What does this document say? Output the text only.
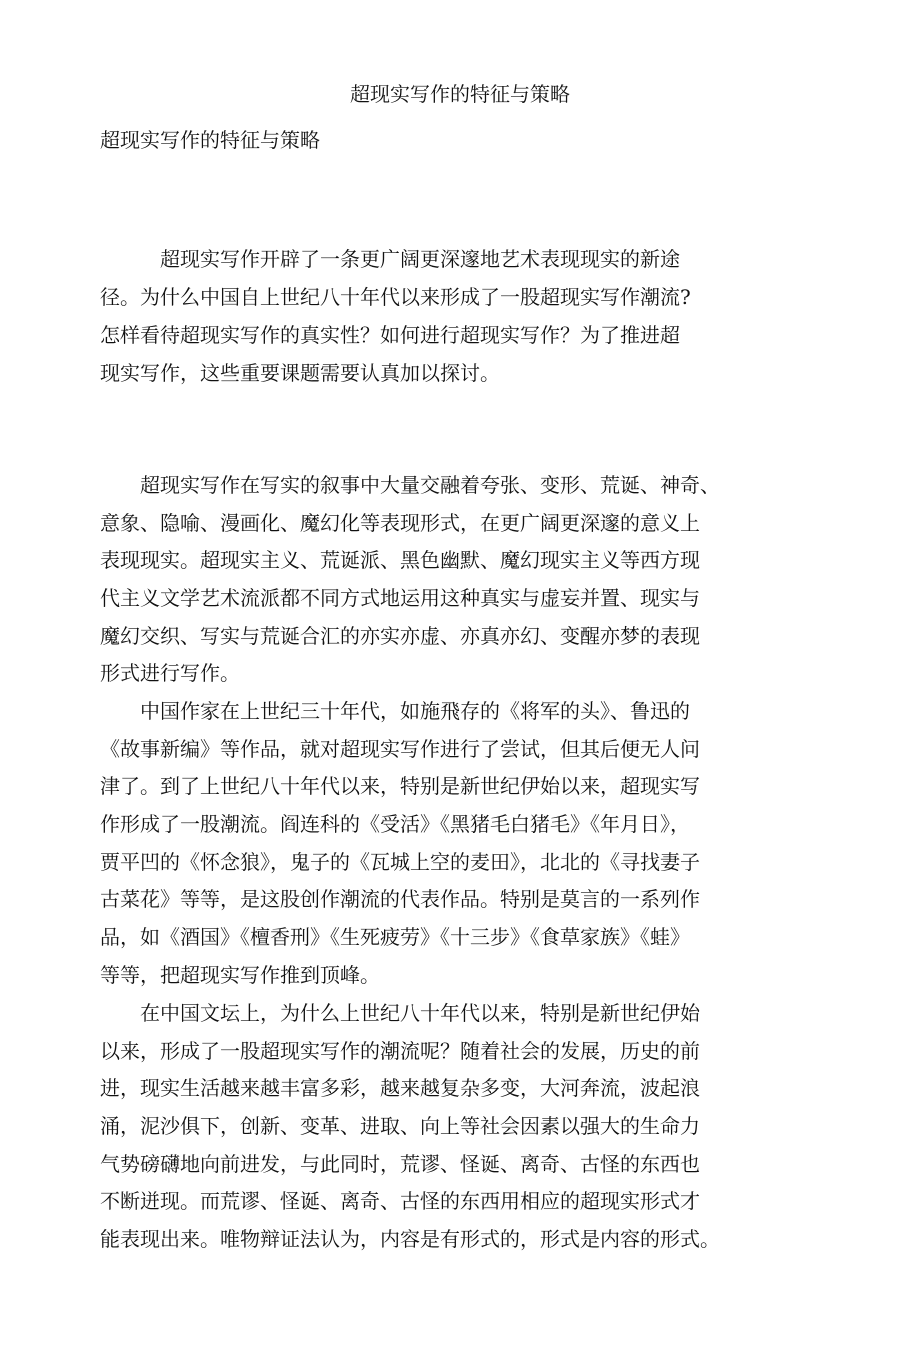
超现实写作的特征与策略
超现实写作的特征与策略
　　　超现实写作开辟了一条更广阔更深邃地艺术表现现实的新途
径。为什么中国自上世纪八十年代以来形成了一股超现实写作潮流?
怎样看待超现实写作的真实性？如何进行超现实写作？为了推进超
现实写作，这些重要课题需要认真加以探讨。
　　超现实写作在写实的叙事中大量交融着夸张、变形、荒诞、神奇、
意象、隐喻、漫画化、魔幻化等表现形式，在更广阔更深邃的意义上
表现现实。超现实主义、荒诞派、黑色幽默、魔幻现实主义等西方现
代主义文学艺术流派都不同方式地运用这种真实与虚妄并置、现实与
魔幻交织、写实与荒诞合汇的亦实亦虚、亦真亦幻、变醒亦梦的表现
形式进行写作。
　　中国作家在上世纪三十年代，如施飛存的《将军的头》、鲁迅的
《故事新编》等作品，就对超现实写作进行了尝试，但其后便无人问
津了。到了上世纪八十年代以来，特别是新世纪伊始以来，超现实写
作形成了一股潮流。阎连科的《受活》《黑猪毛白猪毛》《年月日》，
贾平凹的《怀念狼》，鬼子的《瓦城上空的麦田》，北北的《寻找妻子
古菜花》等等，是这股创作潮流的代表作品。特别是莫言的一系列作
品，如《酒国》《檀香刑》《生死疲劳》《十三步》《食草家族》《蛙》
等等，把超现实写作推到顶峰。
　　在中国文坛上，为什么上世纪八十年代以来，特别是新世纪伊始
以来，形成了一股超现实写作的潮流呢？随着社会的发展，历史的前
进，现实生活越来越丰富多彩，越来越复杂多变，大河奔流，波起浪
涌，泥沙俱下，创新、变革、进取、向上等社会因素以强大的生命力
气势磅礴地向前进发，与此同时，荒谬、怪诞、离奇、古怪的东西也
不断迸现。而荒谬、怪诞、离奇、古怪的东西用相应的超现实形式才
能表现出来。唯物辩证法认为，内容是有形式的，形式是内容的形式。
